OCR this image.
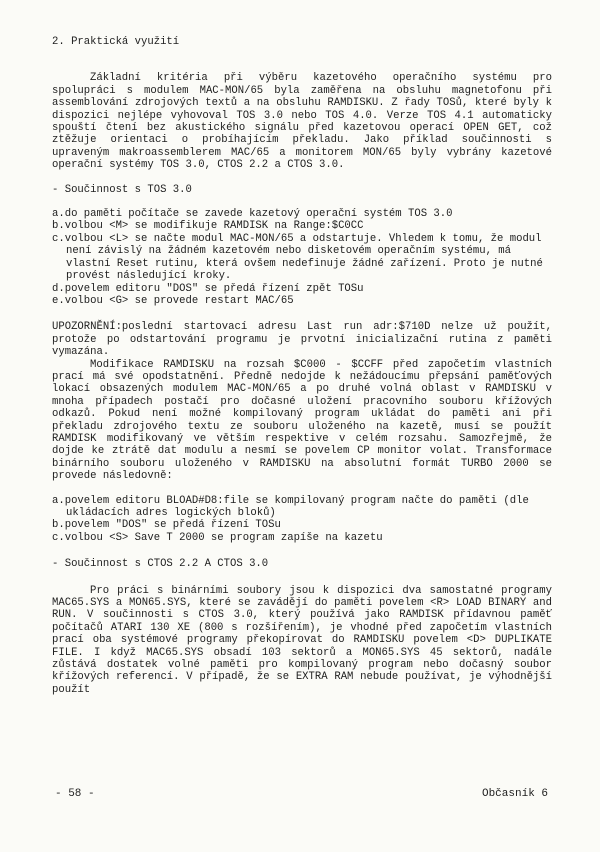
2. Praktická využití

Základní kritéria při výběru kazetového operačního systému pro spolupráci s modulem MAC-MON/65 byla zaměřena na obsluhu magnetofonu při assemblování zdrojových textů a na obsluhu RAMDISKU. Z řady TOSů, které byly k dispozici nejlépe vyhovoval TOS 3.0 nebo TOS 4.0. Verze TOS 4.1 automaticky spouští čtení bez akustického signálu před kazetovou operací OPEN GET, což ztěžuje orientaci o probíhajícím překladu. Jako příklad součinnosti s upraveným makroassemblerem MAC/65 a monitorem MON/65 byly vybrány kazetové operační systémy TOS 3.0, CTOS 2.2 a CTOS 3.0.

- Součinnost s TOS 3.0
a.do paměti počítače se zavede kazetový operační systém TOS 3.0
b.volbou <M> se modifikuje RAMDISK na Range:$C0CC
c.volbou <L> se načte modul MAC-MON/65 a odstartuje. Vhledem k tomu, že modul není závislý na žádném kazetovém nebo disketovém operačním systému, má vlastní Reset rutinu, která ovšem nedefinuje žádné zařízení. Proto je nutné provést následující kroky.
d.povelem editoru "DOS" se předá řízení zpět TOSu
e.volbou <G> se provede restart MAC/65

UPOZORNĚNÍ:poslední startovací adresu Last run adr:$710D nelze už použít, protože po odstartování programu je prvotní inicializační rutina z paměti vymazána.

Modifikace RAMDISKU na rozsah $C000 - $CCFF před započetím vlastních prací má své opodstatnění. Předně nedojde k nežádoucímu přepsání paměťových lokací obsazených modulem MAC-MON/65 a po druhé volná oblast v RAMDISKU v mnoha případech postačí pro dočasné uložení pracovního souboru křížových odkazů. Pokud není možné kompilovaný program ukládat do paměti ani při překladu zdrojového textu ze souboru uloženého na kazetě, musí se použít RAMDISK modifikovaný ve větším respektive v celém rozsahu. Samozřejmě, že dojde ke ztrátě dat modulu a nesmí se povelem CP monitor volat. Transformace binárního souboru uloženého v RAMDISKU na absolutní formát TURBO 2000 se provede následovně:

a.povelem editoru BLOAD#D8:file se kompilovaný program načte do paměti (dle ukládacích adres logických bloků)
b.povelem "DOS" se předá řízení TOSu
c.volbou <S> Save T 2000 se program zapíše na kazetu
- Součinnost s CTOS 2.2 A CTOS 3.0

Pro práci s binárními soubory jsou k dispozici dva samostatné programy MAC65.SYS a MON65.SYS, které se zavádějí do paměti povelem <R> LOAD BINARY and RUN. V součinnosti s CTOS 3.0, který používá jako RAMDISK přídavnou paměť počítačů ATARI 130 XE (800 s rozšířením), je vhodné před započetím vlastních prací oba systémové programy překopírovat do RAMDISKU povelem <D> DUPLIKATE FILE. I když MAC65.SYS obsadí 103 sektorů a MON65.SYS 45 sektorů, nadále zůstává dostatek volné paměti pro kompilovaný program nebo dočasný soubor křížových referencí. V případě, že se EXTRA RAM nebude používat, je výhodnější použít

- 58 -	Občasník 6
